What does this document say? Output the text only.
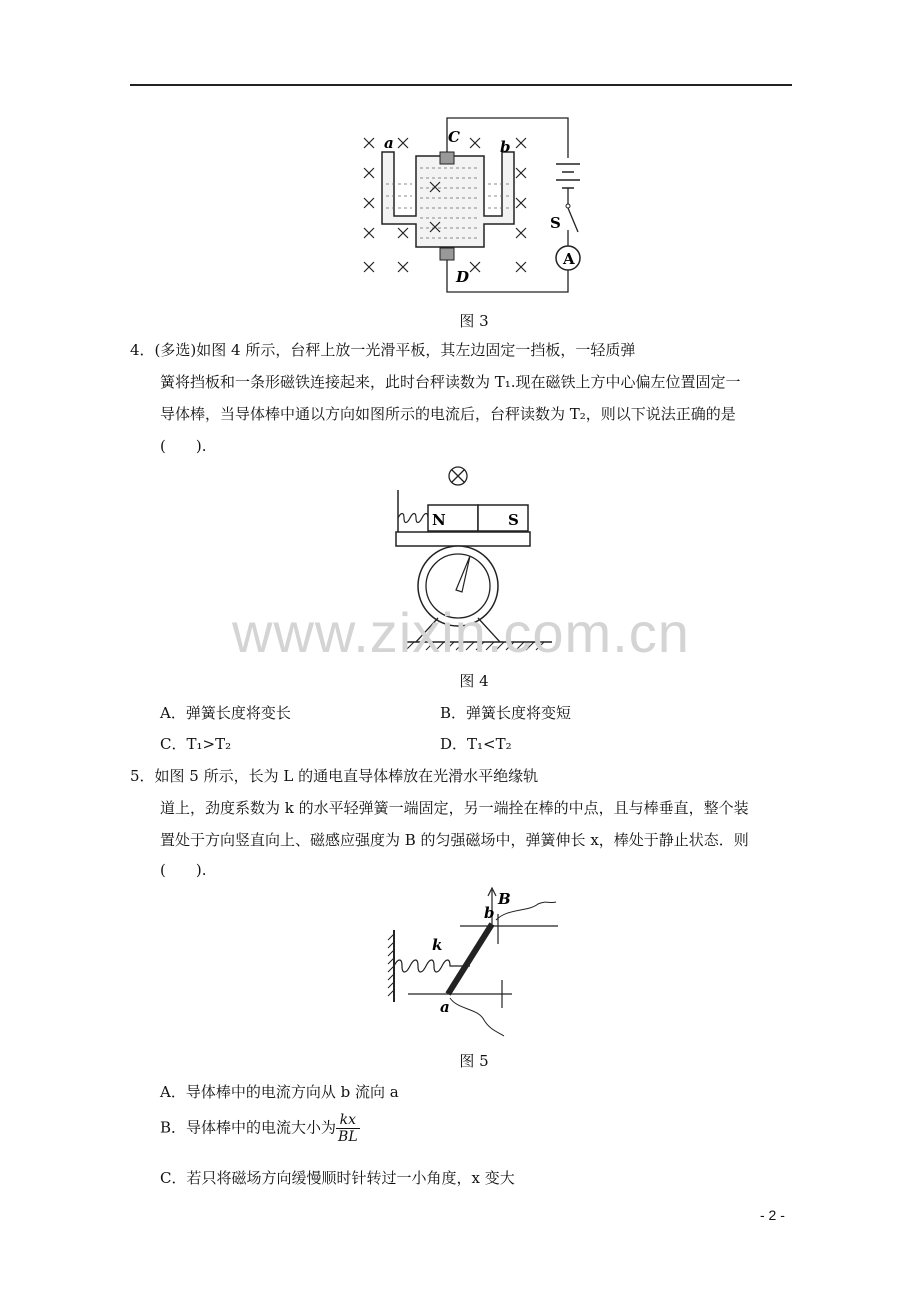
A
a	C
b
D
S
图 3
4．(多选)如图 4 所示，台秤上放一光滑平板，其左边固定一挡板，一轻质弹
簧将挡板和一条形磁铁连接起来，此时台秤读数为 T₁.现在磁铁上方中心偏左位置固定一
导体棒，当导体棒中通以方向如图所示的电流后，台秤读数为 T₂，则以下说法正确的是
(　　).
N	S
www.zixin.com.cn
图 4
A．弹簧长度将变长	B．弹簧长度将变短
C．T₁>T₂	D．T₁<T₂
5．如图 5 所示，长为 L 的通电直导体棒放在光滑水平绝缘轨
道上，劲度系数为 k 的水平轻弹簧一端固定，另一端拴在棒的中点，且与棒垂直，整个装
置处于方向竖直向上、磁感应强度为 B 的匀强磁场中，弹簧伸长 x，棒处于静止状态．则
(　　).
b
B
k
a
图 5
A．导体棒中的电流方向从 b 流向 a
B．导体棒中的电流大小为 $\frac{kx}{BL}$
C．若只将磁场方向缓慢顺时针转过一小角度，x 变大
- 2 -
